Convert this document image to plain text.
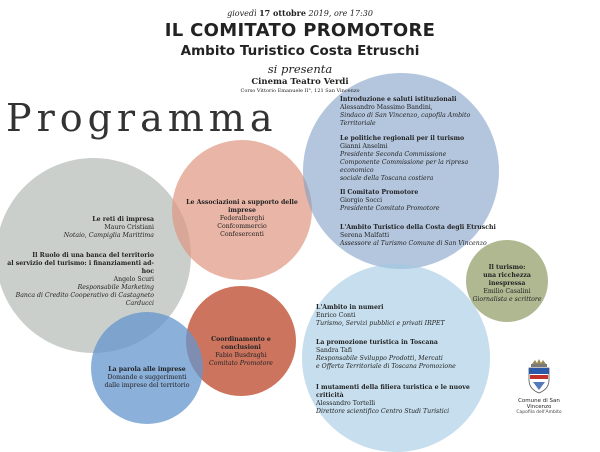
giovedì 17 ottobre 2019, ore 17:30
IL COMITATO PROMOTORE
Ambito Turistico Costa Etruschi
si presenta
Cinema Teatro Verdi
Corso Vittorio Emanuele II°, 121 San Vincenzo
Programma
Le reti di impresa
Mauro Cristiani
Notaio, Campiglia Marittima
Il Ruolo di una banca del territorio
al servizio del turismo: i finanziamenti ad-hoc
Angelo Scuri
Responsabile Marketing
Banca di Credito Cooperativo di Castagneto Carducci
Le Associazioni a supporto delle imprese
Federalberghi
Confcommercio
Confesercenti
Coordinamento e conclusioni
Fabio Busdraghi
Comitato Promotore
La parola alle imprese
Domande e suggerimenti
dalle imprese del territorio
Introduzione e saluti istituzionali
Alessandro Massimo Bandini,
Sindaco di San Vincenzo, capofila Ambito Territoriale
Le politiche regionali per il turismo
Gianni Anselmi
Presidente Seconda Commissione
Componente Commissione per la ripresa economico
sociale della Toscana costiera
Il Comitato Promotore
Giorgio Socci
Presidente Comitato Promotore
L'Ambito Turistico della Costa degli Etruschi
Serena Malfatti
Assessore al Turismo Comune di San Vincenzo
Il turismo:
una ricchezza inespressa
Emilio Casalini
Giornalista e scrittore
L'Ambito in numeri
Enrico Conti
Turismo, Servizi pubblici e privati IRPET
La promozione turistica in Toscana
Sandra Tafi
Responsabile Sviluppo Prodotti, Mercati
e Offerta Territoriale di Toscana Promozione
I mutamenti della filiera turistica e le nuove criticità
Alessandro Tortelli
Direttore scientifico Centro Studi Turistici
Comune di San Vincenzo
Capofila dell'Ambito
